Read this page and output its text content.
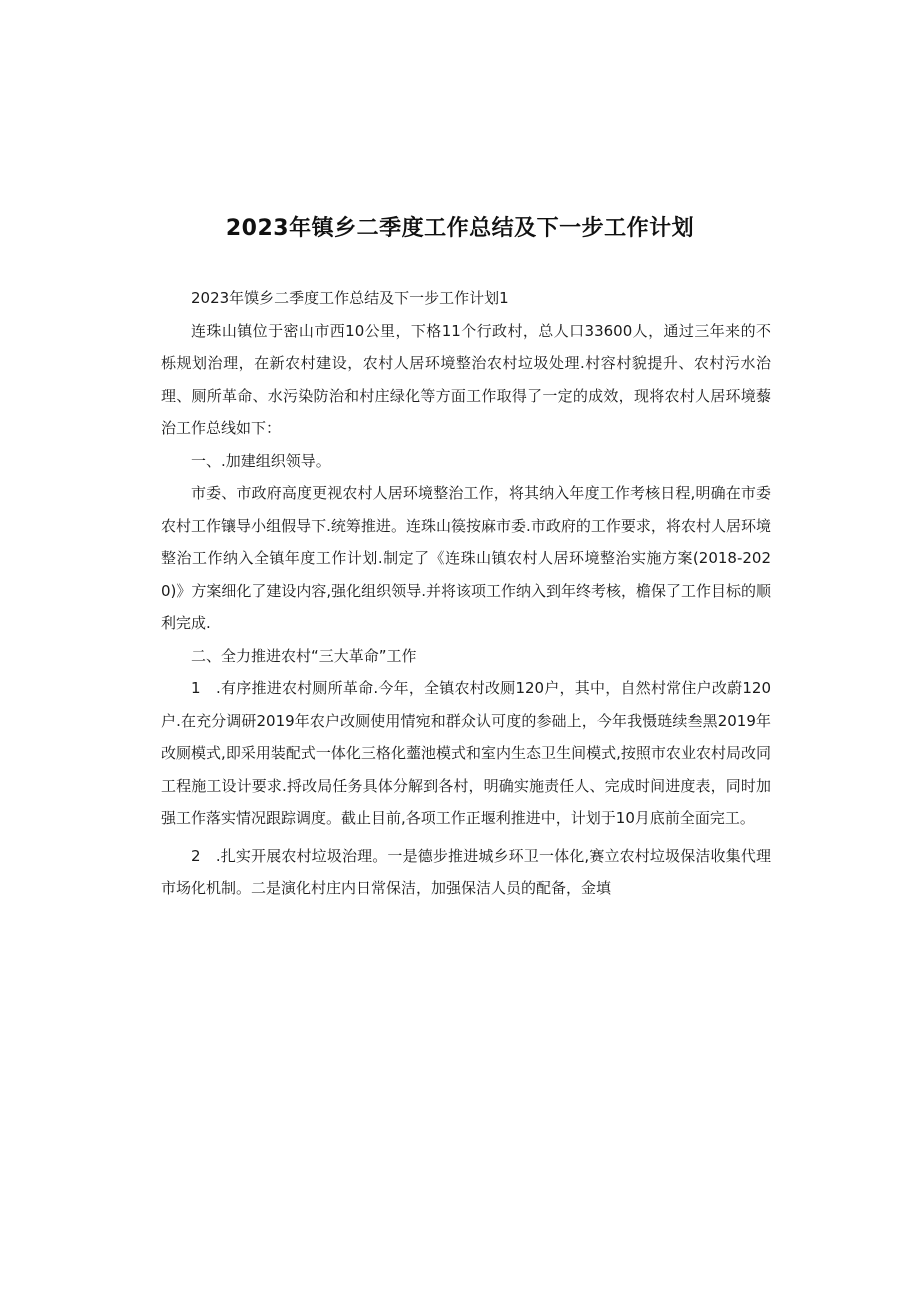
2023年镇乡二季度工作总结及下一步工作计划

2023年馍乡二季度工作总结及下一步工作计划1

连珠山镇位于密山市西10公里，下格11个行政村，总人口33600人，通过三年来的不栎规划治理，在新农村建设，农村人居环境整治农村垃圾处理.村容村貌提升、农村污水治理、厕所革命、水污染防治和村庄绿化等方面工作取得了一定的成效，现将农村人居环境藜治工作总线如下：

一、.加建组织领导。

市委、市政府高度更视农村人居环境整治工作，将其纳入年度工作考核日程,明确在市委农村工作镶导小组假导下.统筹推进。连珠山篌按麻市委.市政府的工作要求，将农村人居环境整治工作纳入全镇年度工作计划.制定了《连珠山镇农村人居环境整治实施方案(2018-2020)》方案细化了建设内容,强化组织领导.并将该项工作纳入到年终考核，檐保了工作目标的顺利完成.

二、全力推进农村“三大革命”工作

1　.有序推进农村厕所革命.今年，全镇农村改厕120户，其中，自然村常住户改蔚120户.在充分调研2019年农户改厕使用情宛和群众认可度的参础上，今年我慑琏续叁黑2019年改厕模式,即采用装配式一体化三格化虀池模式和室内生态卫生间模式,按照市农业农村局改同工程施工设计要求.捋改局任务具体分解到各村，明确实施责任人、完成时间进度表，同时加强工作落实情况跟踪调度。截止目前,各项工作正堰利推进中，计划于10月底前全面完工。

2　.扎实开展农村垃圾治理。一是德步推进城乡环卫一体化,赛立农村垃圾保洁收集代理市场化机制。二是演化村庄内日常保洁，加强保洁人员的配备，金填
